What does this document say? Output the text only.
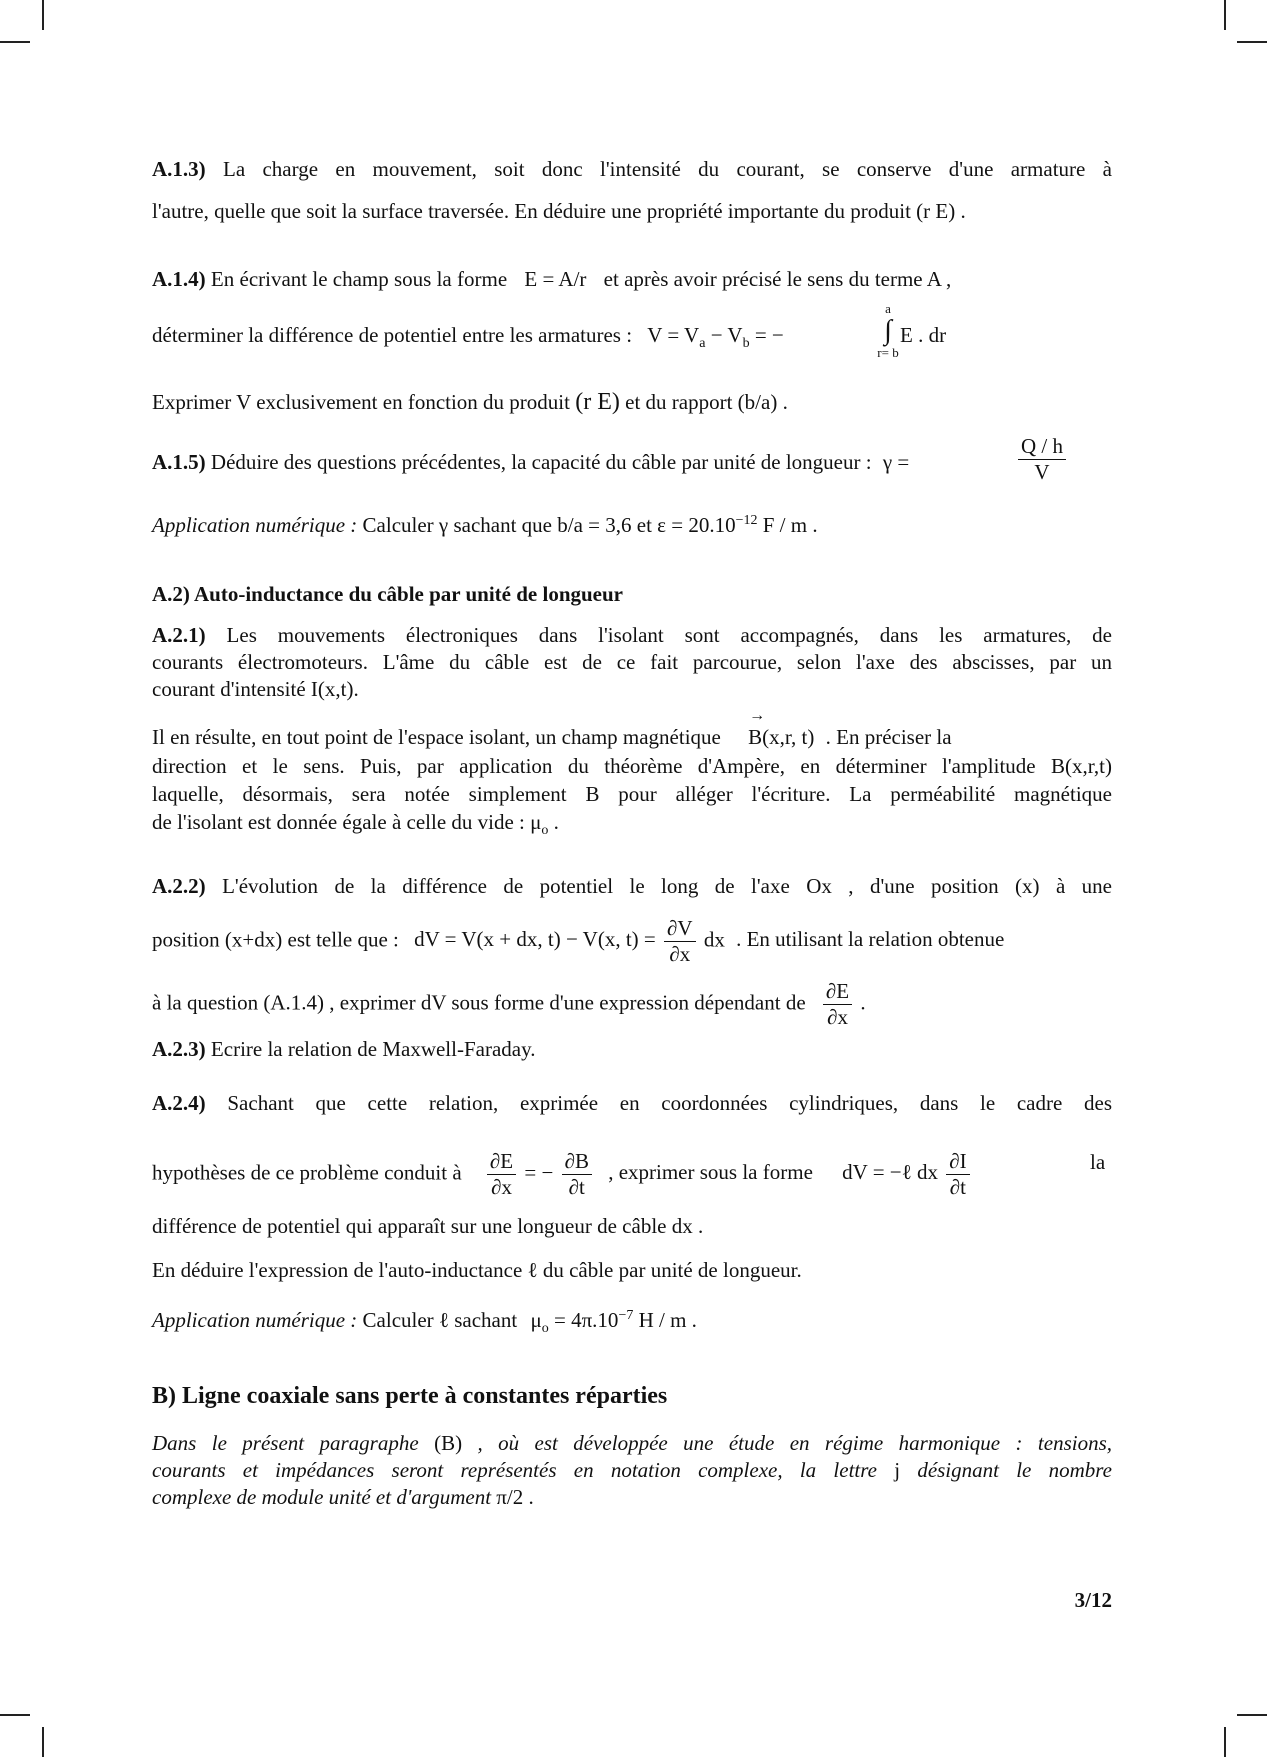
A.1.3) La charge en mouvement, soit donc l'intensité du courant, se conserve d'une armature à
l'autre, quelle que soit la surface traversée. En déduire une propriété importante du produit (r E) .
A.1.4) En écrivant le champ sous la forme E = A/r et après avoir précisé le sens du terme A ,
déterminer la différence de potentiel entre les armatures : $V = V_a - V_b$ = −
a
∫
r= b
E . dr
Exprimer V exclusivement en fonction du produit (r E) et du rapport (b/a) .
A.1.5) Déduire des questions précédentes, la capacité du câble par unité de longueur : γ =	$\frac{Q / h}{V}$
Application numérique : Calculer γ sachant que b/a = 3,6 et $\varepsilon = 20.10^{-12}$ F / m .
A.2) Auto-inductance du câble par unité de longueur
A.2.1) Les mouvements électroniques dans l'isolant sont accompagnés, dans les armatures, de
courants électromoteurs. L'âme du câble est de ce fait parcourue, selon l'axe des abscisses, par un
courant d'intensité I(x,t).
Il en résulte, en tout point de l'espace isolant, un champ magnétique
→
B(x,r, t) . En préciser la
direction et le sens. Puis, par application du théorème d'Ampère, en déterminer l'amplitude B(x,r,t)
laquelle, désormais, sera notée simplement B pour alléger l'écriture. La perméabilité magnétique
de l'isolant est donnée égale à celle du vide : $\mu_o$ .
A.2.2) L'évolution de la différence de potentiel le long de l'axe Ox , d'une position (x) à une
position (x+dx) est telle que : dV = V(x + dx, t) − V(x, $t) = \frac{\partial V}{\partial x}$ dx . En utilisant la relation obtenue
à la question (A.1.4) , exprimer dV sous forme d'une expression dépendant de $\frac{\partial E}{\partial x}$ .
A.2.3) Ecrire la relation de Maxwell-Faraday.
A.2.4) Sachant que cette relation, exprimée en coordonnées cylindriques, dans le cadre des
hypothèses de ce problème conduit à $\frac{\partial E}{\partial x}$ = − $\frac{\partial B}{\partial t}$ , exprimer sous la forme dV = −ℓ dx $\frac{\partial I}{\partial t}$	la
différence de potentiel qui apparaît sur une longueur de câble dx .
En déduire l'expression de l'auto-inductance ℓ du câble par unité de longueur.
Application numérique : Calculer ℓ sachant $\mu_o = 4\pi.10^{-7}$ H / m .
B) Ligne coaxiale sans perte à constantes réparties
Dans le présent paragraphe (B) , où est développée une étude en régime harmonique : tensions,
courants et impédances seront représentés en notation complexe, la lettre j désignant le nombre
complexe de module unité et d'argument π/2 .
3/12
